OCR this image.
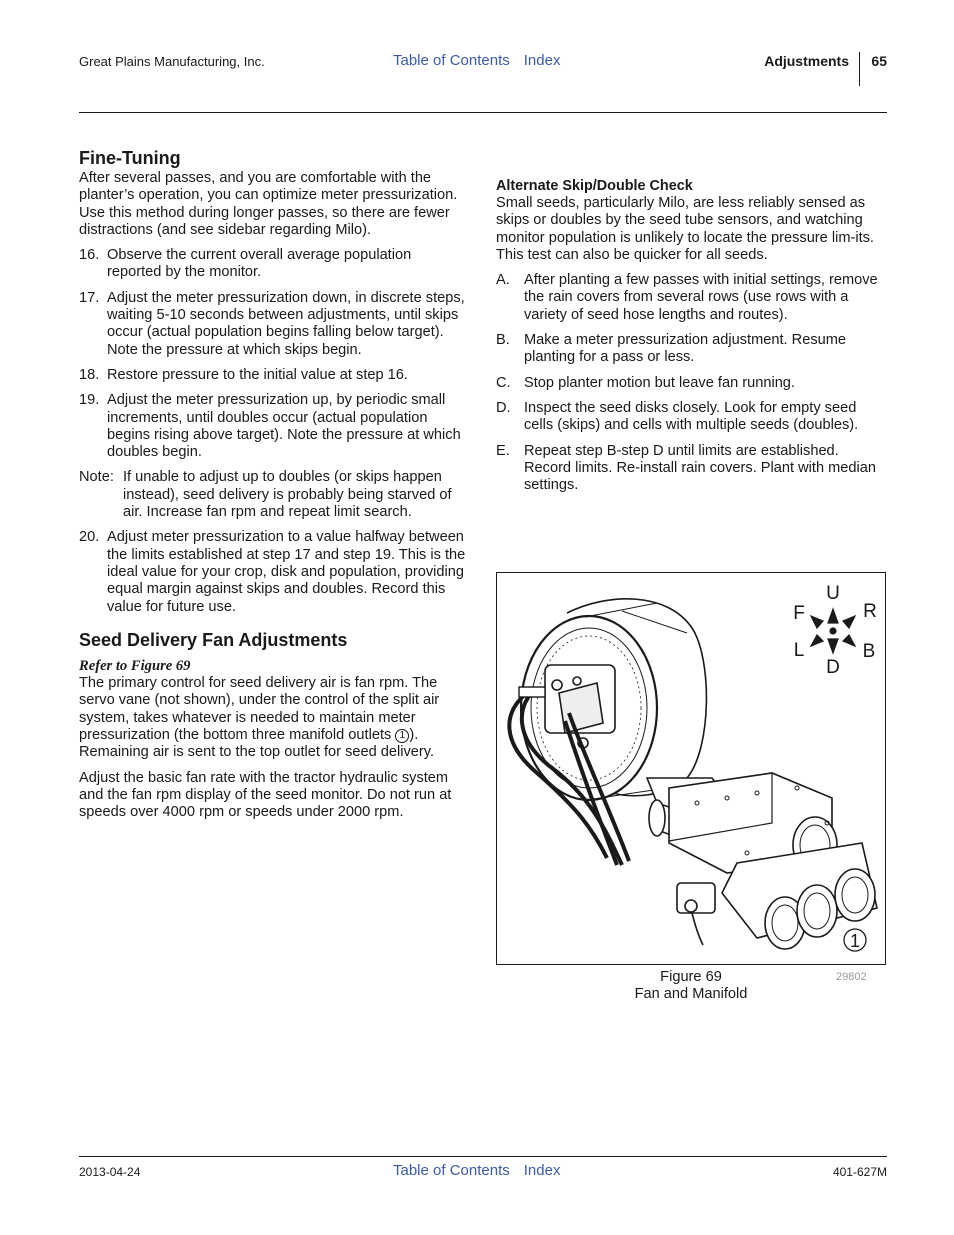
Great Plains Manufacturing, Inc.	Table of Contents Index	Adjustments 65
Fine-Tuning

After several passes, and you are comfortable with the planter’s operation, you can optimize meter pressurization. Use this method during longer passes, so there are fewer distractions (and see sidebar regarding Milo).

16. Observe the current overall average population reported by the monitor.
17. Adjust the meter pressurization down, in discrete steps, waiting 5-10 seconds between adjustments, until skips occur (actual population begins falling below target). Note the pressure at which skips begin.
18. Restore pressure to the initial value at step 16.
19. Adjust the meter pressurization up, by periodic small increments, until doubles occur (actual population begins rising above target). Note the pressure at which doubles begin.
Note: If unable to adjust up to doubles (or skips happen instead), seed delivery is probably being starved of air. Increase fan rpm and repeat limit search.
20. Adjust meter pressurization to a value halfway between the limits established at step 17 and step 19. This is the ideal value for your crop, disk and population, providing equal margin against skips and doubles. Record this value for future use.
Seed Delivery Fan Adjustments

Refer to Figure 69

The primary control for seed delivery air is fan rpm. The servo vane (not shown), under the control of the split air system, takes whatever is needed to maintain meter pressurization (the bottom three manifold outlets 1 ). Remaining air is sent to the top outlet for seed delivery.

Adjust the basic fan rate with the tractor hydraulic system and the fan rpm display of the seed monitor. Do not run at speeds over 4000 rpm or speeds under 2000 rpm.

Alternate Skip/Double Check

Small seeds, particularly Milo, are less reliably sensed as skips or doubles by the seed tube sensors, and watching monitor population is unlikely to locate the pressure lim-its. This test can also be quicker for all seeds.

A. After planting a few passes with initial settings, remove the rain covers from several rows (use rows with a variety of seed hose lengths and routes).
B. Make a meter pressurization adjustment. Resume planting for a pass or less.
C. Stop planter motion but leave fan running.
D. Inspect the seed disks closely. Look for empty seed cells (skips) and cells with multiple seeds (doubles).
E. Repeat step B-step D until limits are established. Record limits. Re-install rain covers. Plant with median settings.
U
D
F	R
L	B
1
Figure 69
Fan and Manifold
29802
2013-04-24	Table of Contents Index	401-627M
